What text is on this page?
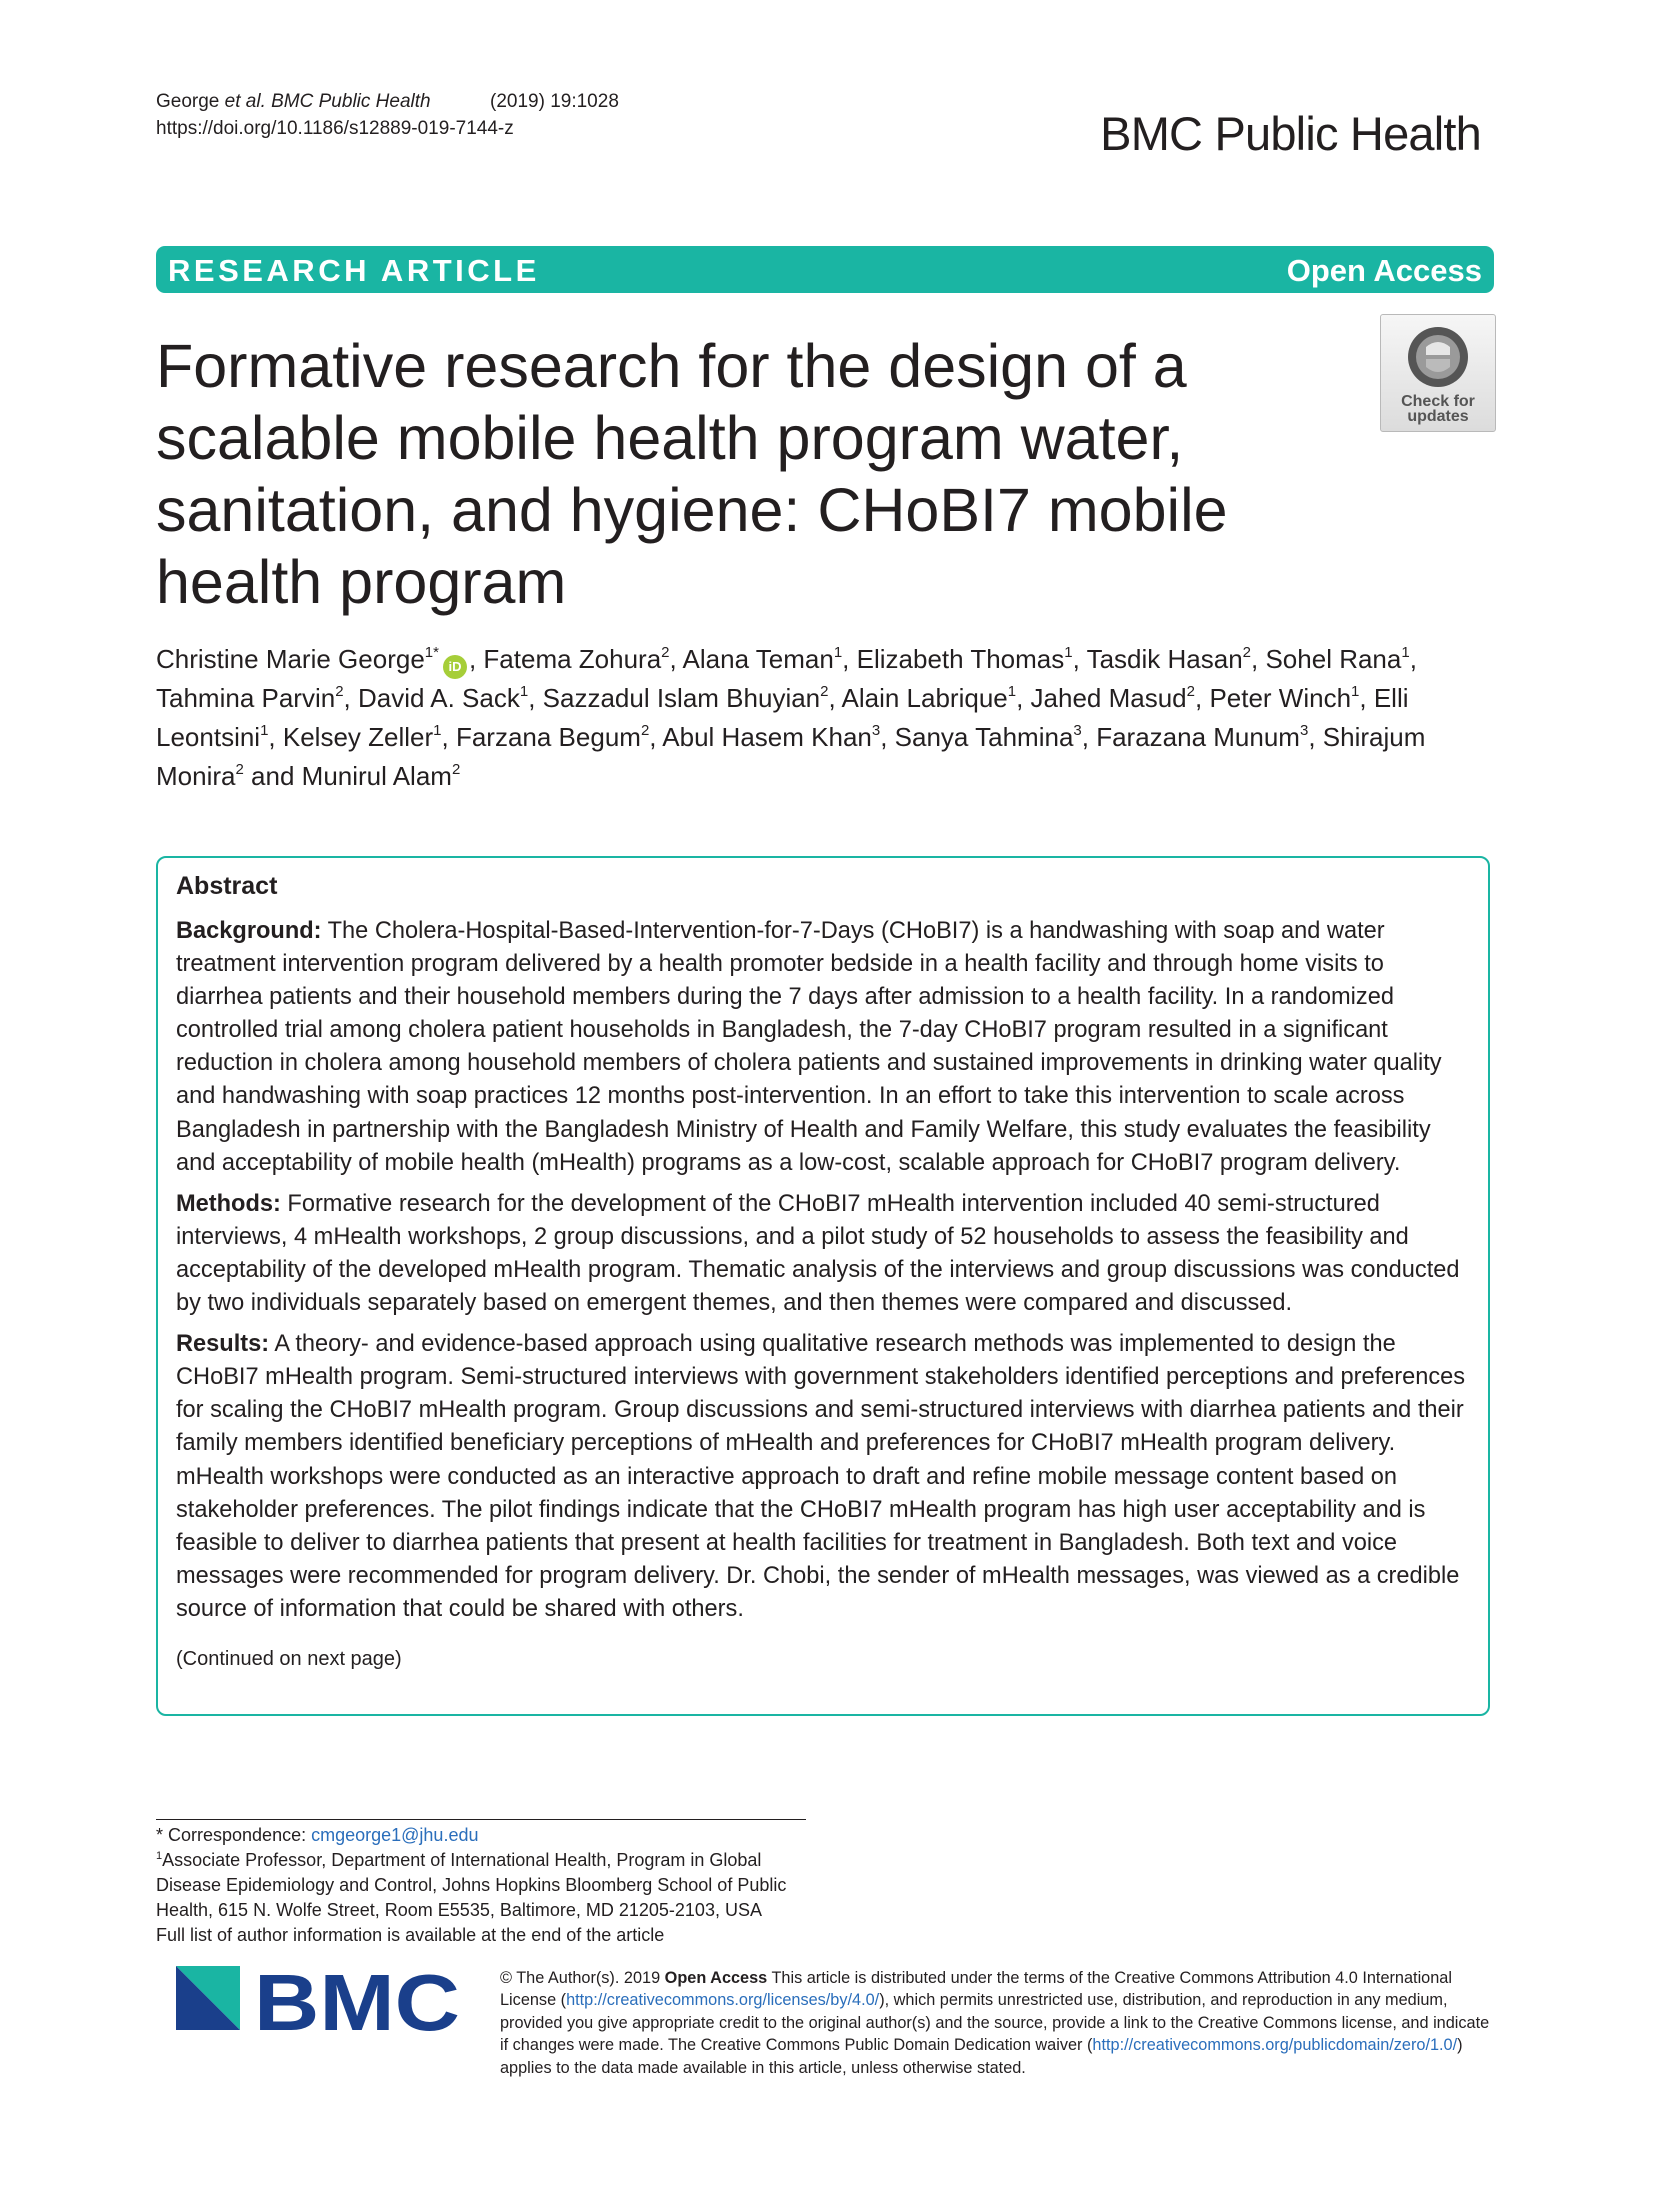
George et al. BMC Public Health	(2019) 19:1028
https://doi.org/10.1186/s12889-019-7144-z	BMC Public Health
RESEARCH ARTICLE	Open Access
Formative research for the design of a scalable mobile health program water, sanitation, and hygiene: CHoBI7 mobile health program
Check for
updates
Christine Marie George$^{1*}$iD , Fatema Zohura$^2$, Alana Teman$^1$, Elizabeth Thomas$^1$, Tasdik Hasan$^2$, Sohel Rana$^1$, Tahmina Parvin$^2$, David A. Sack$^1$, Sazzadul Islam Bhuyian$^2$, Alain Labrique$^1$, Jahed Masud$^2$, Peter Winch$^1$, Elli Leontsini$^1$, Kelsey Zeller$^1$, Farzana Begum$^2$, Abul Hasem Khan$^3$, Sanya Tahmina$^3$, Farazana Munum$^3$, Shirajum Monira$^2$ and Munirul Alam$^2$
Abstract

Background: The Cholera-Hospital-Based-Intervention-for-7-Days (CHoBI7) is a handwashing with soap and water treatment intervention program delivered by a health promoter bedside in a health facility and through home visits to diarrhea patients and their household members during the 7 days after admission to a health facility. In a randomized controlled trial among cholera patient households in Bangladesh, the 7-day CHoBI7 program resulted in a significant reduction in cholera among household members of cholera patients and sustained improvements in drinking water quality and handwashing with soap practices 12 months post-intervention. In an effort to take this intervention to scale across Bangladesh in partnership with the Bangladesh Ministry of Health and Family Welfare, this study evaluates the feasibility and acceptability of mobile health (mHealth) programs as a low-cost, scalable approach for CHoBI7 program delivery.

Methods: Formative research for the development of the CHoBI7 mHealth intervention included 40 semi-structured interviews, 4 mHealth workshops, 2 group discussions, and a pilot study of 52 households to assess the feasibility and acceptability of the developed mHealth program. Thematic analysis of the interviews and group discussions was conducted by two individuals separately based on emergent themes, and then themes were compared and discussed.

Results: A theory- and evidence-based approach using qualitative research methods was implemented to design the CHoBI7 mHealth program. Semi-structured interviews with government stakeholders identified perceptions and preferences for scaling the CHoBI7 mHealth program. Group discussions and semi-structured interviews with diarrhea patients and their family members identified beneficiary perceptions of mHealth and preferences for CHoBI7 mHealth program delivery. mHealth workshops were conducted as an interactive approach to draft and refine mobile message content based on stakeholder preferences. The pilot findings indicate that the CHoBI7 mHealth program has high user acceptability and is feasible to deliver to diarrhea patients that present at health facilities for treatment in Bangladesh. Both text and voice messages were recommended for program delivery. Dr. Chobi, the sender of mHealth messages, was viewed as a credible source of information that could be shared with others.

(Continued on next page)
* Correspondence: cmgeorge1@jhu.edu
$^1$Associate Professor, Department of International Health, Program in Global Disease Epidemiology and Control, Johns Hopkins Bloomberg School of Public Health, 615 N. Wolfe Street, Room E5535, Baltimore, MD 21205-2103, USA
Full list of author information is available at the end of the article
BMC © The Author(s). 2019 Open Access This article is distributed under the terms of the Creative Commons Attribution 4.0 International License (http://creativecommons.org/licenses/by/4.0/), which permits unrestricted use, distribution, and reproduction in any medium, provided you give appropriate credit to the original author(s) and the source, provide a link to the Creative Commons license, and indicate if changes were made. The Creative Commons Public Domain Dedication waiver (http://creativecommons.org/publicdomain/zero/1.0/) applies to the data made available in this article, unless otherwise stated.
